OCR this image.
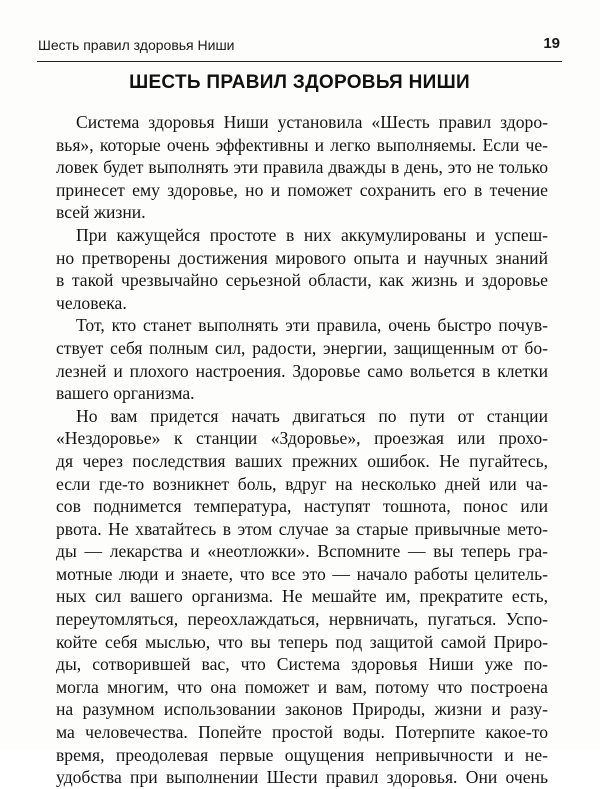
Шесть правил здоровья Ниши	19
ШЕСТЬ ПРАВИЛ ЗДОРОВЬЯ НИШИ
Система здоровья Ниши установила «Шесть правил здоро-
вья», которые очень эффективны и легко выполняемы. Если че-
ловек будет выполнять эти правила дважды в день, это не только
принесет ему здоровье, но и поможет сохранить его в течение
всей жизни.
При кажущейся простоте в них аккумулированы и успеш-
но претворены достижения мирового опыта и научных знаний
в такой чрезвычайно серьезной области, как жизнь и здоровье
человека.
Тот, кто станет выполнять эти правила, очень быстро почув-
ствует себя полным сил, радости, энергии, защищенным от бо-
лезней и плохого настроения. Здоровье само вольется в клетки
вашего организма.
Но вам придется начать двигаться по пути от станции
«Нездоровье» к станции «Здоровье», проезжая или прохо-
дя через последствия ваших прежних ошибок. Не пугайтесь,
если где-то возникнет боль, вдруг на несколько дней или ча-
сов поднимется температура, наступят тошнота, понос или
рвота. Не хватайтесь в этом случае за старые привычные мето-
ды — лекарства и «неотложки». Вспомните — вы теперь гра-
мотные люди и знаете, что все это — начало работы целитель-
ных сил вашего организма. Не мешайте им, прекратите есть,
переутомляться, переохлаждаться, нервничать, пугаться. Успо-
койте себя мыслью, что вы теперь под защитой самой Приро-
ды, сотворившей вас, что Система здоровья Ниши уже по-
могла многим, что она поможет и вам, потому что построена
на разумном использовании законов Природы, жизни и разу-
ма человечества. Попейте простой воды. Потерпите какое-то
время, преодолевая первые ощущения непривычности и не-
удобства при выполнении Шести правил здоровья. Они очень
